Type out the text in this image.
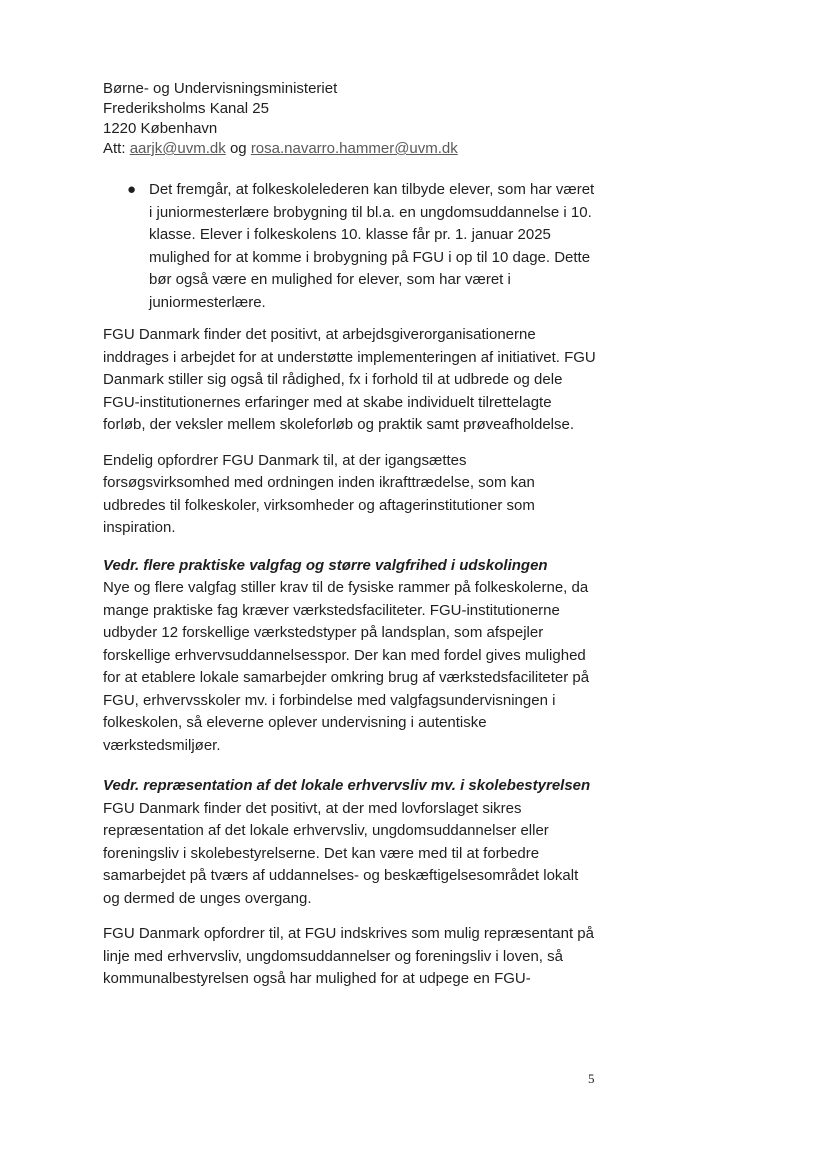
Børne- og Undervisningsministeriet
Frederiksholms Kanal 25
1220 København
Att: aarjk@uvm.dk og rosa.navarro.hammer@uvm.dk
● Det fremgår, at folkeskolelederen kan tilbyde elever, som har været i juniormesterlære brobygning til bl.a. en ungdomsuddannelse i 10. klasse. Elever i folkeskolens 10. klasse får pr. 1. januar 2025 mulighed for at komme i brobygning på FGU i op til 10 dage. Dette bør også være en mulighed for elever, som har været i juniormesterlære.

FGU Danmark finder det positivt, at arbejdsgiverorganisationerne inddrages i arbejdet for at understøtte implementeringen af initiativet. FGU Danmark stiller sig også til rådighed, fx i forhold til at udbrede og dele FGU-institutionernes erfaringer med at skabe individuelt tilrettelagte forløb, der veksler mellem skoleforløb og praktik samt prøveafholdelse.

Endelig opfordrer FGU Danmark til, at der igangsættes forsøgsvirksomhed med ordningen inden ikrafttrædelse, som kan udbredes til folkeskoler, virksomheder og aftagerinstitutioner som inspiration.

Vedr. flere praktiske valgfag og større valgfrihed i udskolingen
Nye og flere valgfag stiller krav til de fysiske rammer på folkeskolerne, da mange praktiske fag kræver værkstedsfaciliteter. FGU-institutionerne udbyder 12 forskellige værkstedstyper på landsplan, som afspejler forskellige erhvervsuddannelsesspor. Der kan med fordel gives mulighed for at etablere lokale samarbejder omkring brug af værkstedsfaciliteter på FGU, erhvervsskoler mv. i forbindelse med valgfagsundervisningen i folkeskolen, så eleverne oplever undervisning i autentiske værkstedsmiljøer.
Vedr. repræsentation af det lokale erhvervsliv mv. i skolebestyrelsen
FGU Danmark finder det positivt, at der med lovforslaget sikres repræsentation af det lokale erhvervsliv, ungdomsuddannelser eller foreningsliv i skolebestyrelserne. Det kan være med til at forbedre samarbejdet på tværs af uddannelses- og beskæftigelsesområdet lokalt og dermed de unges overgang.

FGU Danmark opfordrer til, at FGU indskrives som mulig repræsentant på linje med erhvervsliv, ungdomsuddannelser og foreningsliv i loven, så kommunalbestyrelsen også har mulighed for at udpege en FGU-

5
